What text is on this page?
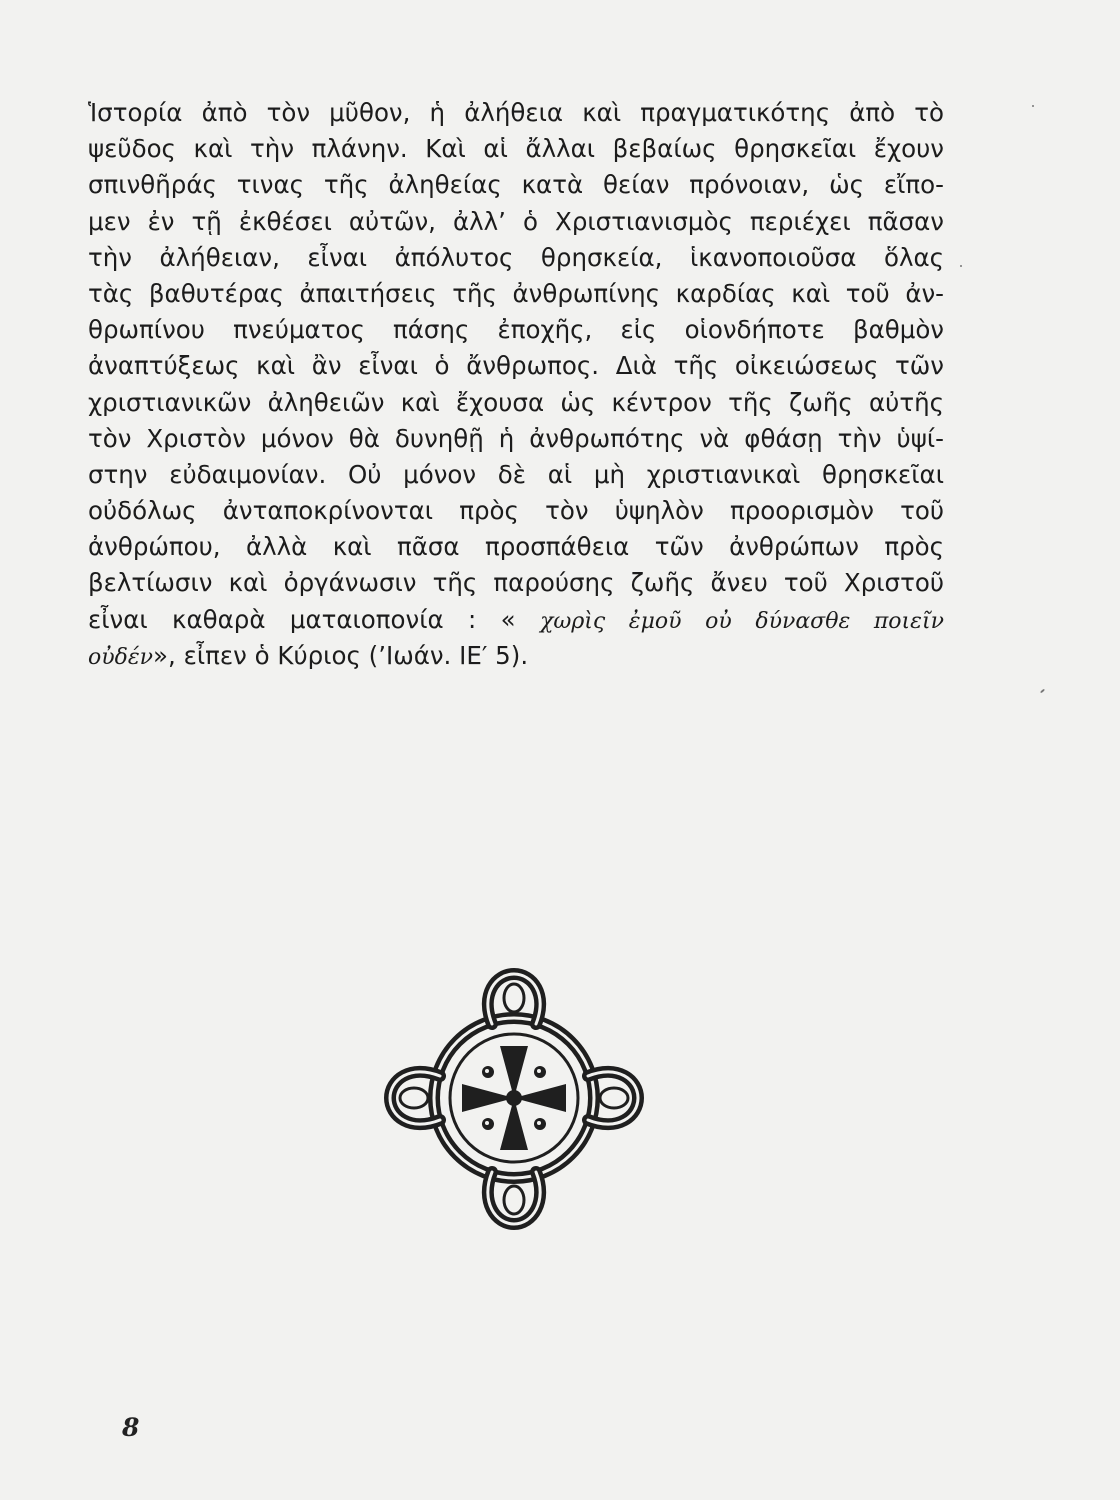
Ἱστορία ἀπὸ τὸν μῦθον, ἡ ἀλήθεια καὶ πραγματικότης ἀπὸ τὸ
ψεῦδος καὶ τὴν πλάνην. Καὶ αἱ ἄλλαι βεβαίως θρησκεῖαι ἔχουν
σπινθῆράς τινας τῆς ἀληθείας κατὰ θείαν πρόνοιαν, ὡς εἴπο-
μεν ἐν τῇ ἐκθέσει αὐτῶν, ἀλλ’ ὁ Χριστιανισμὸς περιέχει πᾶσαν
τὴν ἀλήθειαν, εἶναι ἀπόλυτος θρησκεία, ἱκανοποιοῦσα ὅλας
τὰς βαθυτέρας ἀπαιτήσεις τῆς ἀνθρωπίνης καρδίας καὶ τοῦ ἀν-
θρωπίνου πνεύματος πάσης ἐποχῆς, εἰς οἱονδήποτε βαθμὸν
ἀναπτύξεως καὶ ἂν εἶναι ὁ ἄνθρωπος. Διὰ τῆς οἰκειώσεως τῶν
χριστιανικῶν ἀληθειῶν καὶ ἔχουσα ὡς κέντρον τῆς ζωῆς αὐτῆς
τὸν Χριστὸν μόνον θὰ δυνηθῇ ἡ ἀνθρωπότης νὰ φθάσῃ τὴν ὑψί-
στην εὐδαιμονίαν. Οὐ μόνον δὲ αἱ μὴ χριστιανικαὶ θρησκεῖαι
οὐδόλως ἀνταποκρίνονται πρὸς τὸν ὑψηλὸν προορισμὸν τοῦ
ἀνθρώπου, ἀλλὰ καὶ πᾶσα προσπάθεια τῶν ἀνθρώπων πρὸς
βελτίωσιν καὶ ὀργάνωσιν τῆς παρούσης ζωῆς ἄνευ τοῦ Χριστοῦ
εἶναι καθαρὰ ματαιοπονία : « χωρὶς ἐμοῦ οὐ δύνασθε ποιεῖν
οὐδέν», εἶπεν ὁ Κύριος (’Ιωάν. ΙΕ′ 5).
8
